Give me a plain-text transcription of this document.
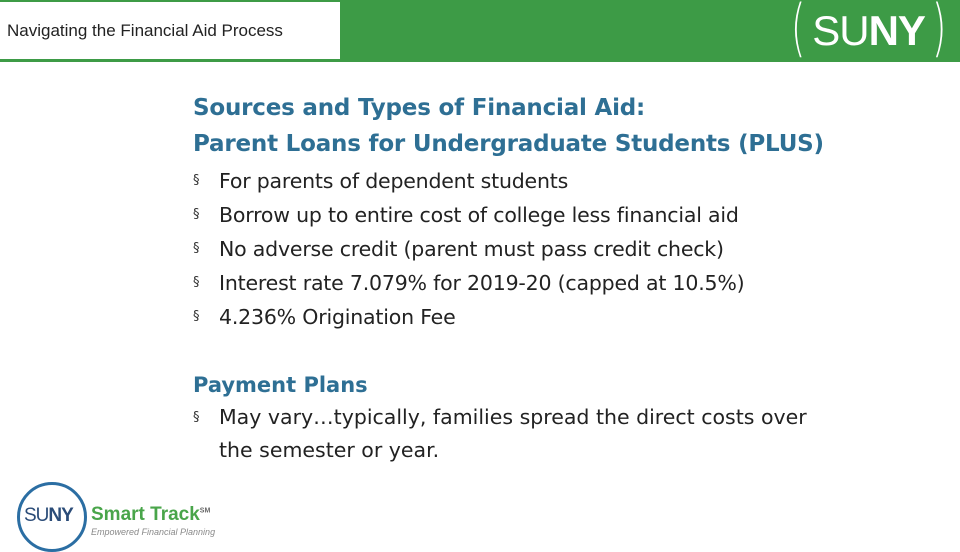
Navigating the Financial Aid Process	( SUNY )
Sources and Types of Financial Aid:
Parent Loans for Undergraduate Students (PLUS)
§ For parents of dependent students
§ Borrow up to entire cost of college less financial aid
§ No adverse credit (parent must pass credit check)
§ Interest rate 7.079% for 2019-20 (capped at 10.5%)
§ 4.236% Origination Fee
Payment Plans
§ May vary…typically, families spread the direct costs over the semester or year.
SUNY Smart Track℠
Empowered Financial Planning
